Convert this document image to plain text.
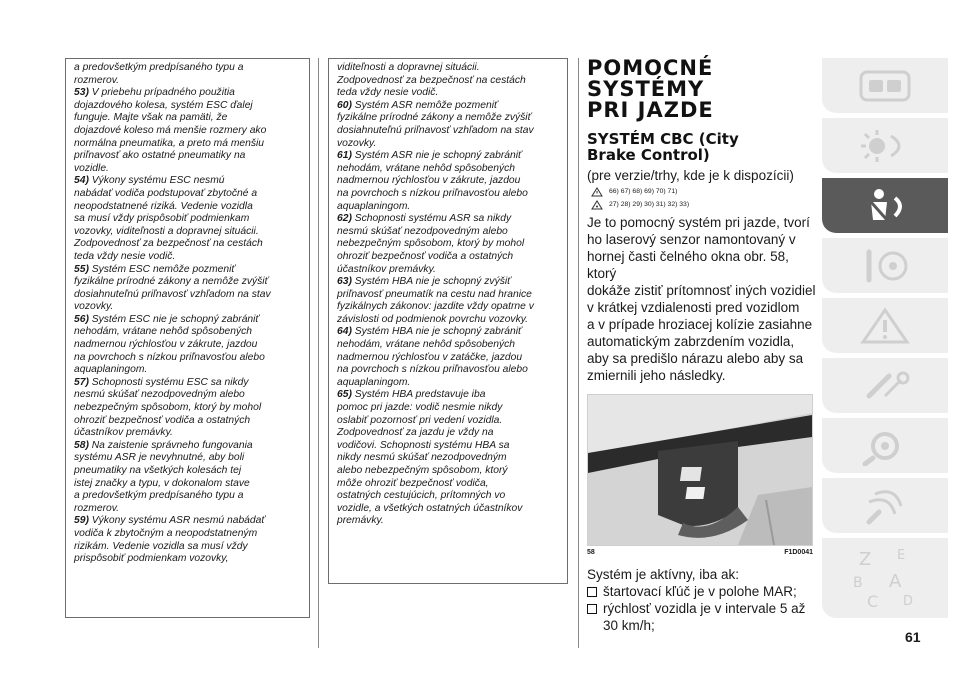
a predovšetkým predpísaného typu a

rozmerov.

53) V priebehu prípadného použitia

dojazdového kolesa, systém ESC ďalej

funguje. Majte však na pamäti, že

dojazdové koleso má menšie rozmery ako

normálna pneumatika, a preto má menšiu

priľnavosť ako ostatné pneumatiky na

vozidle.

54) Výkony systému ESC nesmú

nabádať vodiča podstupovať zbytočné a

neopodstatnené riziká. Vedenie vozidla

sa musí vždy prispôsobiť podmienkam

vozovky, viditeľnosti a dopravnej situácii.

Zodpovednosť za bezpečnosť na cestách

teda vždy nesie vodič.

55) Systém ESC nemôže pozmeniť

fyzikálne prírodné zákony a nemôže zvýšiť

dosiahnuteľnú priľnavosť vzhľadom na stav

vozovky.

56) Systém ESC nie je schopný zabrániť

nehodám, vrátane nehôd spôsobených

nadmernou rýchlosťou v zákrute, jazdou

na povrchoch s nízkou priľnavosťou alebo

aquaplaningom.

57) Schopnosti systému ESC sa nikdy

nesmú skúšať nezodpovedným alebo

nebezpečným spôsobom, ktorý by mohol

ohroziť bezpečnosť vodiča a ostatných

účastníkov premávky.

58) Na zaistenie správneho fungovania

systému ASR je nevyhnutné, aby boli

pneumatiky na všetkých kolesách tej

istej značky a typu, v dokonalom stave

a predovšetkým predpísaného typu a

rozmerov.

59) Výkony systému ASR nesmú nabádať

vodiča k zbytočným a neopodstatneným

rizikám. Vedenie vozidla sa musí vždy

prispôsobiť podmienkam vozovky,

viditeľnosti a dopravnej situácii.

Zodpovednosť za bezpečnosť na cestách

teda vždy nesie vodič.

60) Systém ASR nemôže pozmeniť

fyzikálne prírodné zákony a nemôže zvýšiť

dosiahnuteľnú priľnavosť vzhľadom na stav

vozovky.

61) Systém ASR nie je schopný zabrániť

nehodám, vrátane nehôd spôsobených

nadmernou rýchlosťou v zákrute, jazdou

na povrchoch s nízkou priľnavosťou alebo

aquaplaningom.

62) Schopnosti systému ASR sa nikdy

nesmú skúšať nezodpovedným alebo

nebezpečným spôsobom, ktorý by mohol

ohroziť bezpečnosť vodiča a ostatných

účastníkov premávky.

63) Systém HBA nie je schopný zvýšiť

priľnavosť pneumatík na cestu nad hranice

fyzikálnych zákonov: jazdite vždy opatrne v

závislosti od podmienok povrchu vozovky.

64) Systém HBA nie je schopný zabrániť

nehodám, vrátane nehôd spôsobených

nadmernou rýchlosťou v zatáčke, jazdou

na povrchoch s nízkou priľnavosťou alebo

aquaplaningom.

65) Systém HBA predstavuje iba

pomoc pri jazde: vodič nesmie nikdy

oslabiť pozornosť pri vedení vozidla.

Zodpovednosť za jazdu je vždy na

vodičovi. Schopnosti systému HBA sa

nikdy nesmú skúšať nezodpovedným

alebo nebezpečným spôsobom, ktorý

môže ohroziť bezpečnosť vodiča,

ostatných cestujúcich, prítomných vo

vozidle, a všetkých ostatných účastníkov

premávky.

POMOCNÉ SYSTÉMY

PRI JAZDE

SYSTÉM CBC (City

Brake Control)

(pre verzie/trhy, kde je k dispozícii)

66) 67) 68) 69) 70) 71)
27) 28) 29) 30) 31) 32) 33)

Je to pomocný systém pri jazde, tvorí

ho laserový senzor namontovaný v

hornej časti čelného okna obr. 58, ktorý

dokáže zistiť prítomnosť iných vozidiel

v krátkej vzdialenosti pred vozidlom

a v prípade hroziacej kolízie zasiahne

automatickým zabrzdením vozidla,

aby sa predišlo nárazu alebo aby sa

zmiernili jeho následky.

58	F1D0041

Systém je aktívny, iba ak:

štartovací kľúč je v polohe MAR;
rýchlosť vozidla je v intervale 5 až
30 km/h;
Z E
B A
C D
61
